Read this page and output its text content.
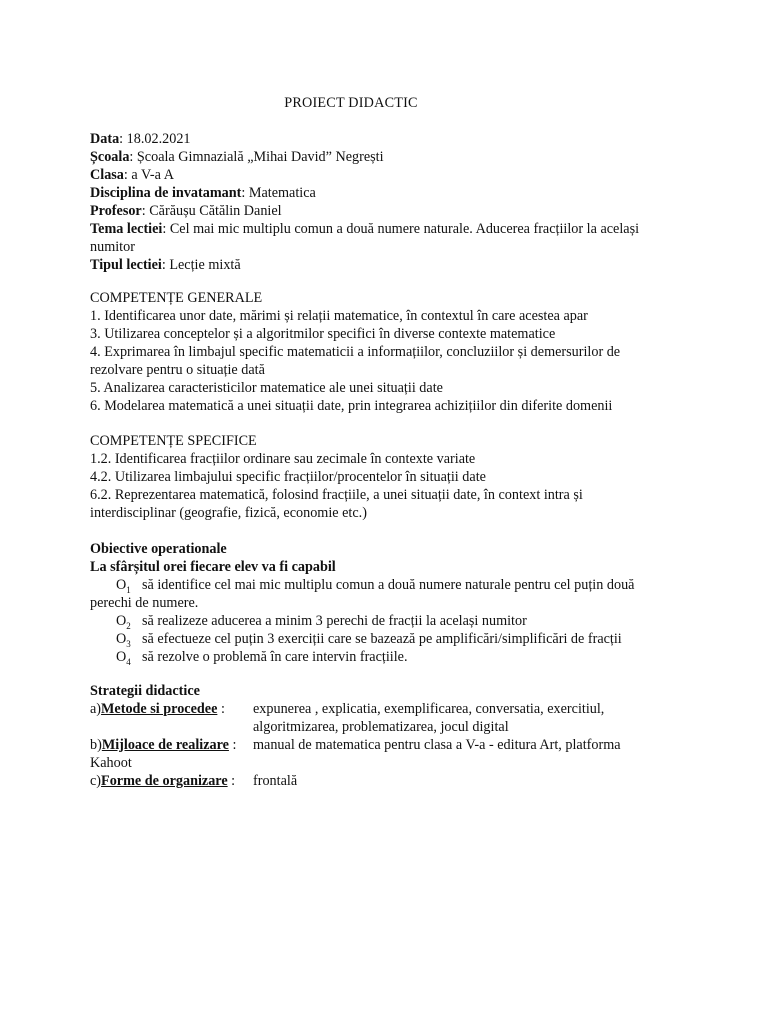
PROIECT DIDACTIC
Data: 18.02.2021
Școala: Școala Gimnazială „Mihai David” Negrești
Clasa: a V-a A
Disciplina de invatamant: Matematica
Profesor: Cărăușu Cătălin Daniel
Tema lectiei: Cel mai mic multiplu comun a două numere naturale. Aducerea fracțiilor la același
numitor
Tipul lectiei: Lecție mixtă
COMPETENȚE GENERALE
1. Identificarea unor date, mărimi și relații matematice, în contextul în care acestea apar
3. Utilizarea conceptelor și a algoritmilor specifici în diverse contexte matematice
4. Exprimarea în limbajul specific matematicii a informațiilor, concluziilor și demersurilor de
rezolvare pentru o situație dată
5. Analizarea caracteristicilor matematice ale unei situații date
6. Modelarea matematică a unei situații date, prin integrarea achizițiilor din diferite domenii
COMPETENȚE SPECIFICE
1.2. Identificarea fracțiilor ordinare sau zecimale în contexte variate
4.2. Utilizarea limbajului specific fracțiilor/procentelor în situații date
6.2. Reprezentarea matematică, folosind fracțiile, a unei situații date, în context intra și
interdisciplinar (geografie, fizică, economie etc.)
Obiective operationale
La sfârșitul orei fiecare elev va fi capabil
$O_1$ să identifice cel mai mic multiplu comun a două numere naturale pentru cel puțin două
perechi de numere.
$O_2$ să realizeze aducerea a minim 3 perechi de fracții la același numitor
$O_3$ să efectueze cel puțin 3 exerciții care se bazează pe amplificări/simplificări de fracții
$O_4$ să rezolve o problemă în care intervin fracțiile.
Strategii didactice
a)Metode si procedee : expunerea , explicatia, exemplificarea, conversatia, exercitiul,
algoritmizarea, problematizarea, jocul digital
b)Mijloace de realizare : manual de matematica pentru clasa a V-a - editura Art, platforma
Kahoot
c)Forme de organizare : frontală
